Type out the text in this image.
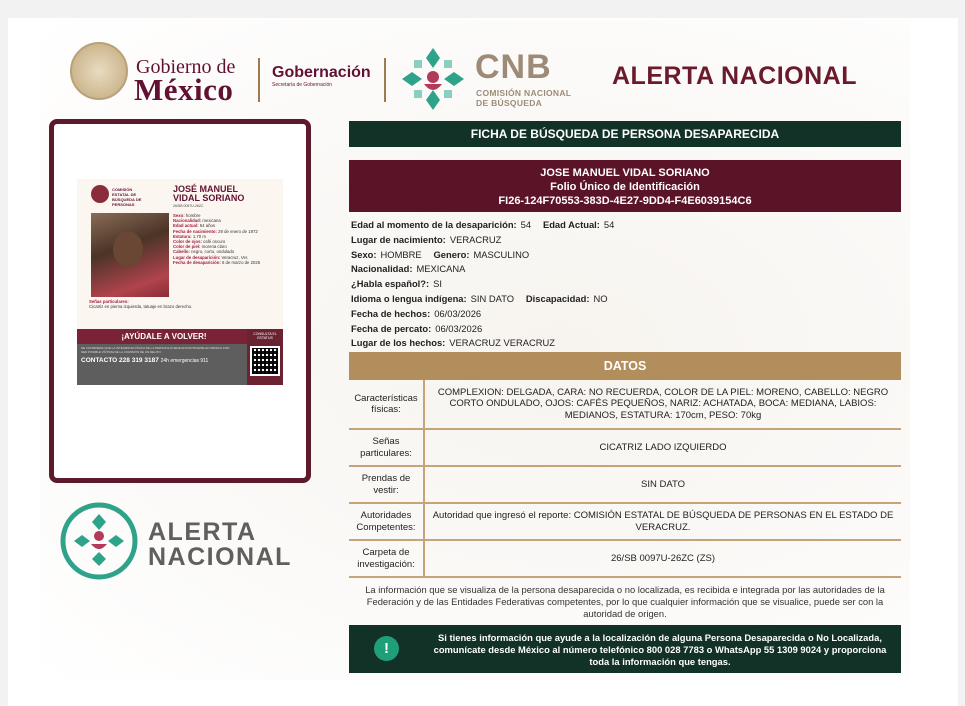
Gobierno de
México Gobernación
Secretaría de Gobernación	CNB
COMISIÓN NACIONAL
DE BÚSQUEDA
ALERTA NACIONAL
COMISIÓN ESTATAL DE BÚSQUEDA DE PERSONAS
JOSÉ MANUEL
VIDAL SORIANO
26/SB 0097U-26ZC
Sexo: hombre
Nacionalidad: mexicana
Edad actual: 54 años
Fecha de nacimiento: 29 de enero de 1972
Estatura: 1.70 m
Color de ojos: café oscuro
Color de piel: morena claro
Cabello: negro, corto, ondulado
Lugar de desaparición: Veracruz, Ver.
Fecha de desaparición: 6 de marzo de 2026
Señas particulares:
Cicatriz en pierna izquierda, tatuaje en brazo derecho.
¡AYÚDALE A VOLVER!
SE CONSIDERA QUE LA INTEGRIDAD FÍSICA DE LA PERSONA PUEDE ENCONTRARSE EN RIESGO POR SER POSIBLE VÍCTIMA DE LA COMISIÓN DE UN DELITO
CONTACTO 228 319 3187 24h emergencias 911
CONSULTA EL ESTATUS
ALERTA
NACIONAL
FICHA DE BÚSQUEDA DE PERSONA DESAPARECIDA
JOSE MANUEL VIDAL SORIANO
Folio Único de Identificación
FI26-124F70553-383D-4E27-9DD4-F4E6039154C6
Edad al momento de la desaparición: 54 Edad Actual: 54
Lugar de nacimiento: VERACRUZ
Sexo: HOMBRE Genero: MASCULINO
Nacionalidad: MEXICANA
¿Habla español?: SI
Idioma o lengua indígena: SIN DATO Discapacidad: NO
Fecha de hechos: 06/03/2026
Fecha de percato: 06/03/2026
Lugar de los hechos: VERACRUZ VERACRUZ
DATOS
Características físicas:
COMPLEXION: DELGADA, CARA: NO RECUERDA, COLOR DE LA PIEL: MORENO, CABELLO: NEGRO CORTO ONDULADO, OJOS: CAFÉS PEQUEÑOS, NARIZ: ACHATADA, BOCA: MEDIANA, LABIOS: MEDIANOS, ESTATURA: 170cm, PESO: 70kg
Señas particulares:
CICATRIZ LADO IZQUIERDO
Prendas de vestir:
SIN DATO
Autoridades Competentes:
Autoridad que ingresó el reporte: COMISIÓN ESTATAL DE BÚSQUEDA DE PERSONAS EN EL ESTADO DE VERACRUZ.
Carpeta de investigación:
26/SB 0097U-26ZC (ZS)
La información que se visualiza de la persona desaparecida o no localizada, es recibida e integrada por las autoridades de la Federación y de las Entidades Federativas competentes, por lo que cualquier información que se visualice, puede ser con la autoridad de origen.
!
Si tienes información que ayude a la localización de alguna Persona Desaparecida o No Localizada, comunícate desde México al número telefónico 800 028 7783 o WhatsApp 55 1309 9024 y proporciona toda la información que tengas.
